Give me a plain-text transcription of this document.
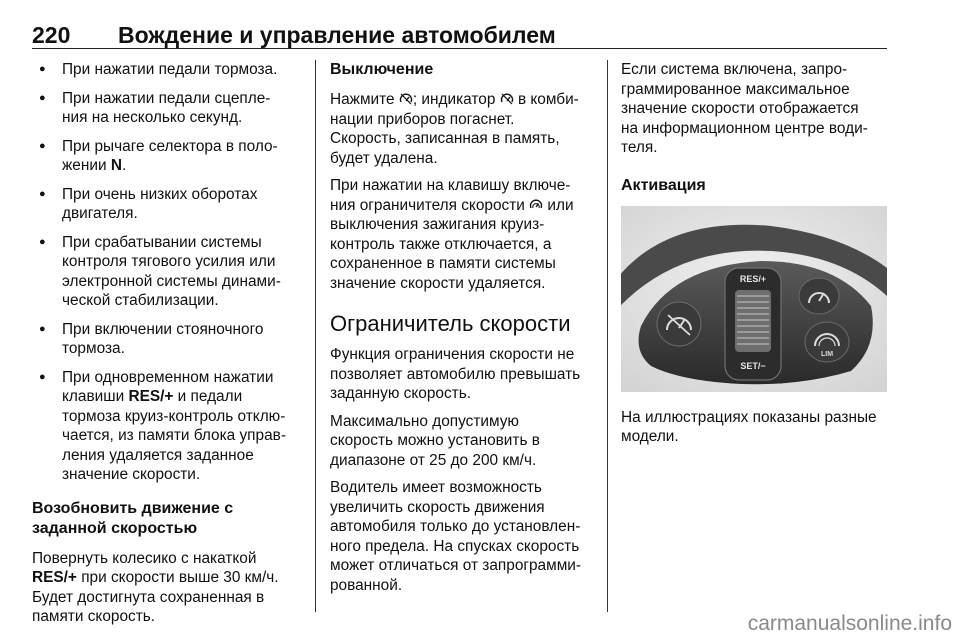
220 Вождение и управление автомобилем
● При нажатии педали тормоза.
● При нажатии педали сцепле-
ния на несколько секунд.
● При рычаге селектора в поло-
жении N.
● При очень низких оборотах
двигателя.
● При срабатывании системы
контроля тягового усилия или
электронной системы динами-
ческой стабилизации.
● При включении стояночного
тормоза.
● При одновременном нажатии
клавиши RES/+ и педали
тормоза круиз-контроль отклю-
чается, из памяти блока управ-
ления удаляется заданное
значение скорости.
Возобновить движение с
заданной скоростью

Повернуть колесико с накаткой
RES/+ при скорости выше 30 км/ч.
Будет достигнута сохраненная в
памяти скорость.

Выключение

Нажмите ; индикатор  в комби-
нации приборов погаснет.
Скорость, записанная в память,
будет удалена.

При нажатии на клавишу включе-
ния ограничителя скорости  или
выключения зажигания круиз-
контроль также отключается, а
сохраненное в памяти системы
значение скорости удаляется.

Ограничитель скорости

Функция ограничения скорости не
позволяет автомобилю превышать
заданную скорость.

Максимально допустимую
скорость можно установить в
диапазоне от 25 до 200 км/ч.

Водитель имеет возможность
увеличить скорость движения
автомобиля только до установлен-
ного предела. На спусках скорость
может отличаться от запрограмми-
рованной.

Если система включена, запро-
граммированное максимальное
значение скорости отображается
на информационном центре води-
теля.

Активация
RES/+
SET/−
LIM

На иллюстрациях показаны разные
модели.

carmanualsonline.info
